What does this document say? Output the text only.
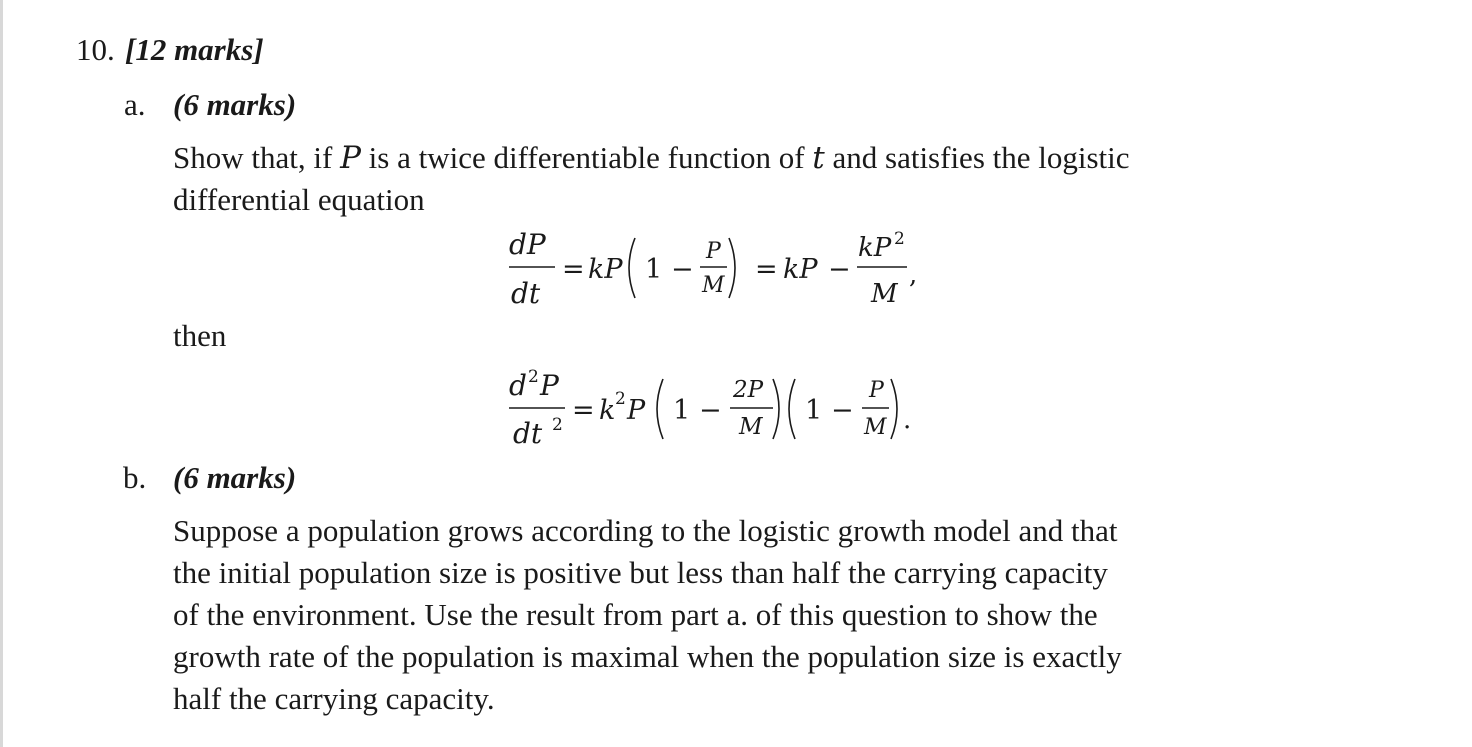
10. [12 marks]
a. (6 marks)
Show that, if P is a twice differentiable function of t and satisfies the logistic
differential equation
dP
dt
= kP 1 −
P
M
= kP −
kP 2
M
,
then
d 2 P
dt 2 = k 2 P 1 −
2P
M
1 −
P
M .
b. (6 marks)
Suppose a population grows according to the logistic growth model and that
the initial population size is positive but less than half the carrying capacity
of the environment. Use the result from part a. of this question to show the
growth rate of the population is maximal when the population size is exactly
half the carrying capacity.
